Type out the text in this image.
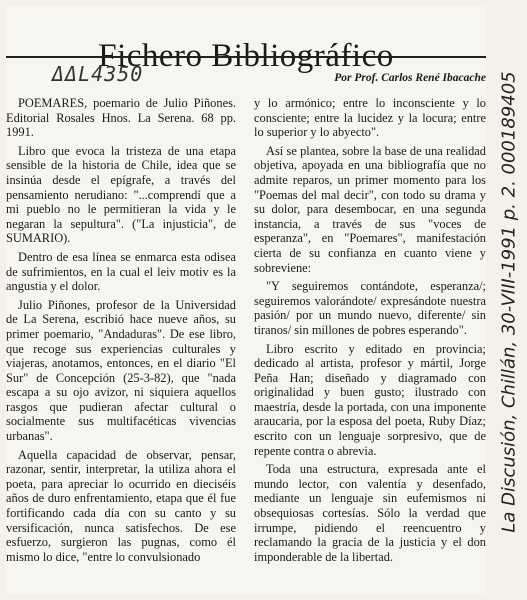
Fichero Bibliográfico
ΔΔL4350	Por Prof. Carlos René Ibacache

POEMARES, poemario de Julio Piñones. Editorial Rosales Hnos. La Serena. 68 pp. 1991.

Libro que evoca la tristeza de una etapa sensible de la historia de Chile, idea que se insinúa desde el epígrafe, a través del pensamiento nerudiano: "...comprendí que a mi pueblo no le permitieran la vida y le negaran la sepultura". ("La injusticia", de SUMARIO).

Dentro de esa línea se enmarca esta odisea de sufrimientos, en la cual el leiv motiv es la angustia y el dolor.

Julio Piñones, profesor de la Universidad de La Serena, escribió hace nueve años, su primer poemario, "Andaduras". De ese libro, que recoge sus experiencias culturales y viajeras, anotamos, entonces, en el diario "El Sur" de Concepción (25-3-82), que "nada escapa a su ojo avizor, ni siquiera aquellos rasgos que pudieran afectar cultural o socialmente sus multifacéticas vivencias urbanas".

Aquella capacidad de observar, pensar, razonar, sentir, interpretar, la utiliza ahora el poeta, para apreciar lo ocurrido en dieciséis años de duro enfrentamiento, etapa que él fue fortificando cada día con su canto y su versificación, nunca satisfechos. De ese esfuerzo, surgieron las pugnas, como él mismo lo dice, "entre lo convulsionado

y lo armónico; entre lo inconsciente y lo consciente; entre la lucidez y la locura; entre lo superior y lo abyecto".

Así se plantea, sobre la base de una realidad objetiva, apoyada en una bibliografía que no admite reparos, un primer momento para los "Poemas del mal decir", con todo su drama y su dolor, para desembocar, en una segunda instancia, a través de sus "voces de esperanza", en "Poemares", manifestación cierta de su confianza en cuanto viene y sobreviene:

"Y seguiremos contándote, esperanza/; seguiremos valorándote/ expresándote nuestra pasión/ por un mundo nuevo, diferente/ sin tiranos/ sin millones de pobres esperando".

Libro escrito y editado en provincia; dedicado al artista, profesor y mártil, Jorge Peña Han; diseñado y diagramado con originalidad y buen gusto; ilustrado con maestría, desde la portada, con una imponente araucaria, por la esposa del poeta, Ruby Díaz; escrito con un lenguaje sorpresivo, que de repente contra o abrevia.

Toda una estructura, expresada ante el mundo lector, con valentía y desenfado, mediante un lenguaje sin eufemismos ni obsequiosas cortesías. Sólo la verdad que irrumpe, pidiendo el reencuentro y reclamando la gracia de la justicia y el don imponderable de la libertad.

La Discusión, Chillán, 30-VIII-1991 p. 2. 000189405
